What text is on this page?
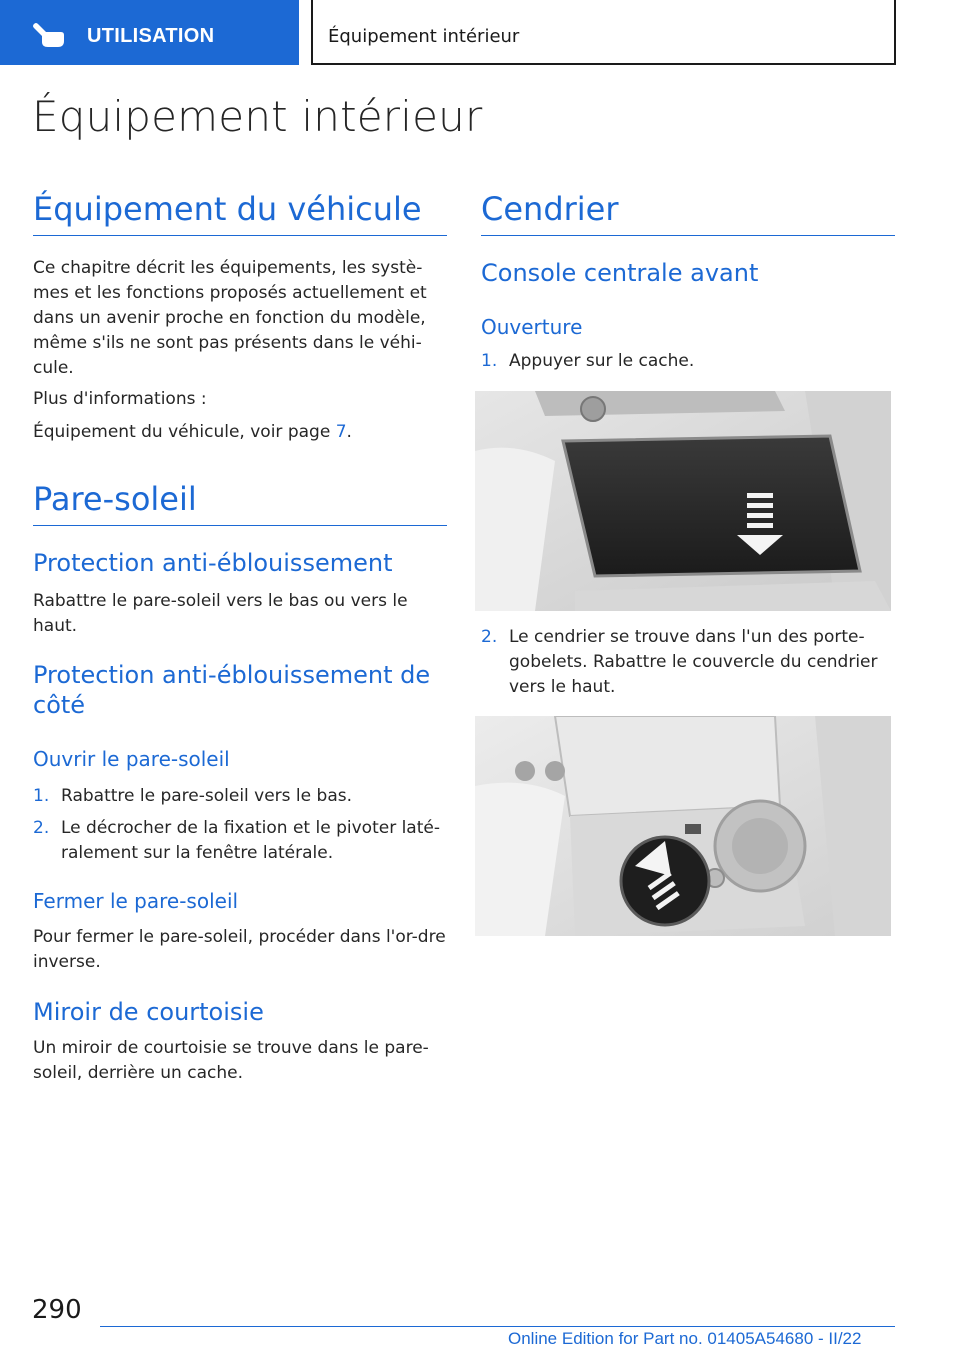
UTILISATION	Équipement intérieur
Équipement intérieur
Équipement du véhicule
Ce chapitre décrit les équipements, les systè-mes et les fonctions proposés actuellement et dans un avenir proche en fonction du modèle, même s'ils ne sont pas présents dans le véhi-cule.
Plus d'informations :
Équipement du véhicule, voir page 7.
Pare-soleil
Protection anti-éblouissement
Rabattre le pare-soleil vers le bas ou vers le haut.
Protection anti-éblouissement de côté
Ouvrir le pare-soleil
1. Rabattre le pare-soleil vers le bas.
2. Le décrocher de la fixation et le pivoter laté-ralement sur la fenêtre latérale.
Fermer le pare-soleil
Pour fermer le pare-soleil, procéder dans l'or-dre inverse.
Miroir de courtoisie
Un miroir de courtoisie se trouve dans le pare-soleil, derrière un cache.
Cendrier
Console centrale avant
Ouverture
1. Appuyer sur le cache.
2. Le cendrier se trouve dans l'un des porte-gobelets. Rabattre le couvercle du cendrier vers le haut.
290
Online Edition for Part no. 01405A54680 - II/22
